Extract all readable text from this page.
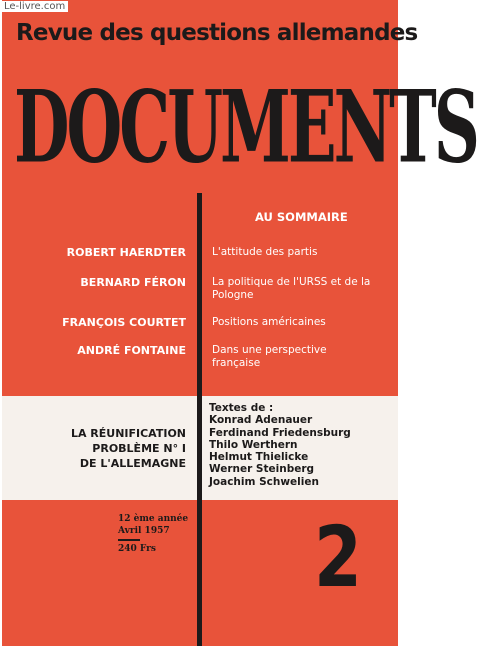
Revue des questions allemandes
DOCUMENTS
AU SOMMAIRE
ROBERT HAERDTER L'attitude des partis
BERNARD FÉRON La politique de l'URSS et de la Pologne
FRANÇOIS COURTET Positions américaines
ANDRÉ FONTAINE Dans une perspective française
LA RÉUNIFICATION
PROBLÈME N° I
DE L'ALLEMAGNE
Textes de :
Konrad Adenauer
Ferdinand Friedensburg
Thilo Werthern
Helmut Thielicke
Werner Steinberg
Joachim Schwelien
12 ème année
Avril 1957
240 Frs	2
Le-livre.com
